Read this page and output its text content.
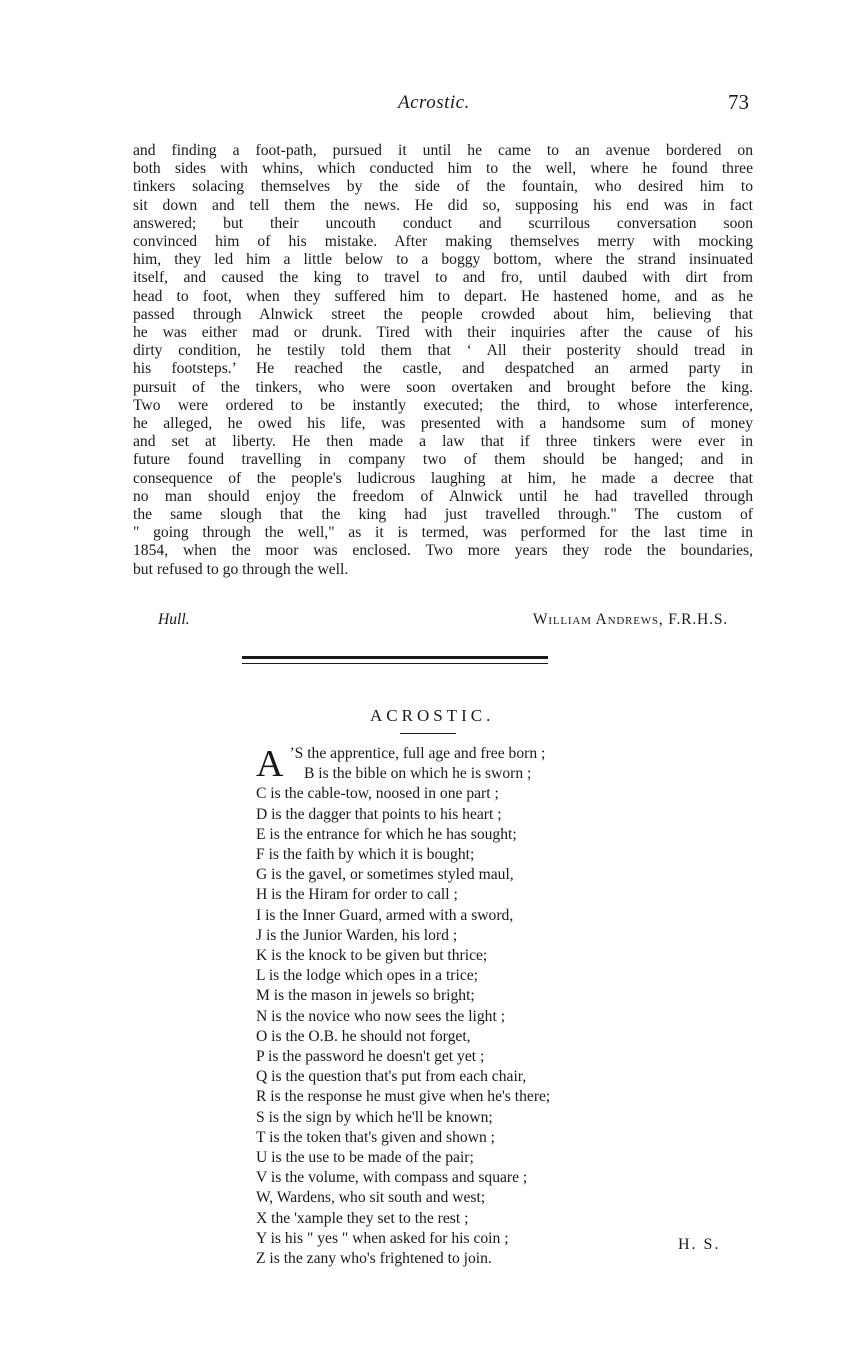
Acrostic.	73
and finding a foot-path, pursued it until he came to an avenue bordered on
both sides with whins, which conducted him to the well, where he found three
tinkers solacing themselves by the side of the fountain, who desired him to
sit down and tell them the news. He did so, supposing his end was in fact
answered; but their uncouth conduct and scurrilous conversation soon
convinced him of his mistake. After making themselves merry with mocking
him, they led him a little below to a boggy bottom, where the strand insinuated
itself, and caused the king to travel to and fro, until daubed with dirt from
head to foot, when they suffered him to depart. He hastened home, and as he
passed through Alnwick street the people crowded about him, believing that
he was either mad or drunk. Tired with their inquiries after the cause of his
dirty condition, he testily told them that ‘ All their posterity should tread in
his footsteps.’ He reached the castle, and despatched an armed party in
pursuit of the tinkers, who were soon overtaken and brought before the king.
Two were ordered to be instantly executed; the third, to whose interference,
he alleged, he owed his life, was presented with a handsome sum of money
and set at liberty. He then made a law that if three tinkers were ever in
future found travelling in company two of them should be hanged; and in
consequence of the people's ludicrous laughing at him, he made a decree that
no man should enjoy the freedom of Alnwick until he had travelled through
the same slough that the king had just travelled through." The custom of
" going through the well," as it is termed, was performed for the last time in
1854, when the moor was enclosed. Two more years they rode the boundaries,
but refused to go through the well.
Hull.	William Andrews, F.R.H.S.
ACROSTIC.
A ’S the apprentice, full age and free born ;
B is the bible on which he is sworn ;
C is the cable-tow, noosed in one part ;
D is the dagger that points to his heart ;
E is the entrance for which he has sought;
F is the faith by which it is bought;
G is the gavel, or sometimes styled maul,
H is the Hiram for order to call ;
I is the Inner Guard, armed with a sword,
J is the Junior Warden, his lord ;
K is the knock to be given but thrice;
L is the lodge which opes in a trice;
M is the mason in jewels so bright;
N is the novice who now sees the light ;
O is the O.B. he should not forget,
P is the password he doesn't get yet ;
Q is the question that's put from each chair,
R is the response he must give when he's there;
S is the sign by which he'll be known;
T is the token that's given and shown ;
U is the use to be made of the pair;
V is the volume, with compass and square ;
W, Wardens, who sit south and west;
X the 'xample they set to the rest ;
Y is his " yes " when asked for his coin ;
Z is the zany who's frightened to join.
H. S.
